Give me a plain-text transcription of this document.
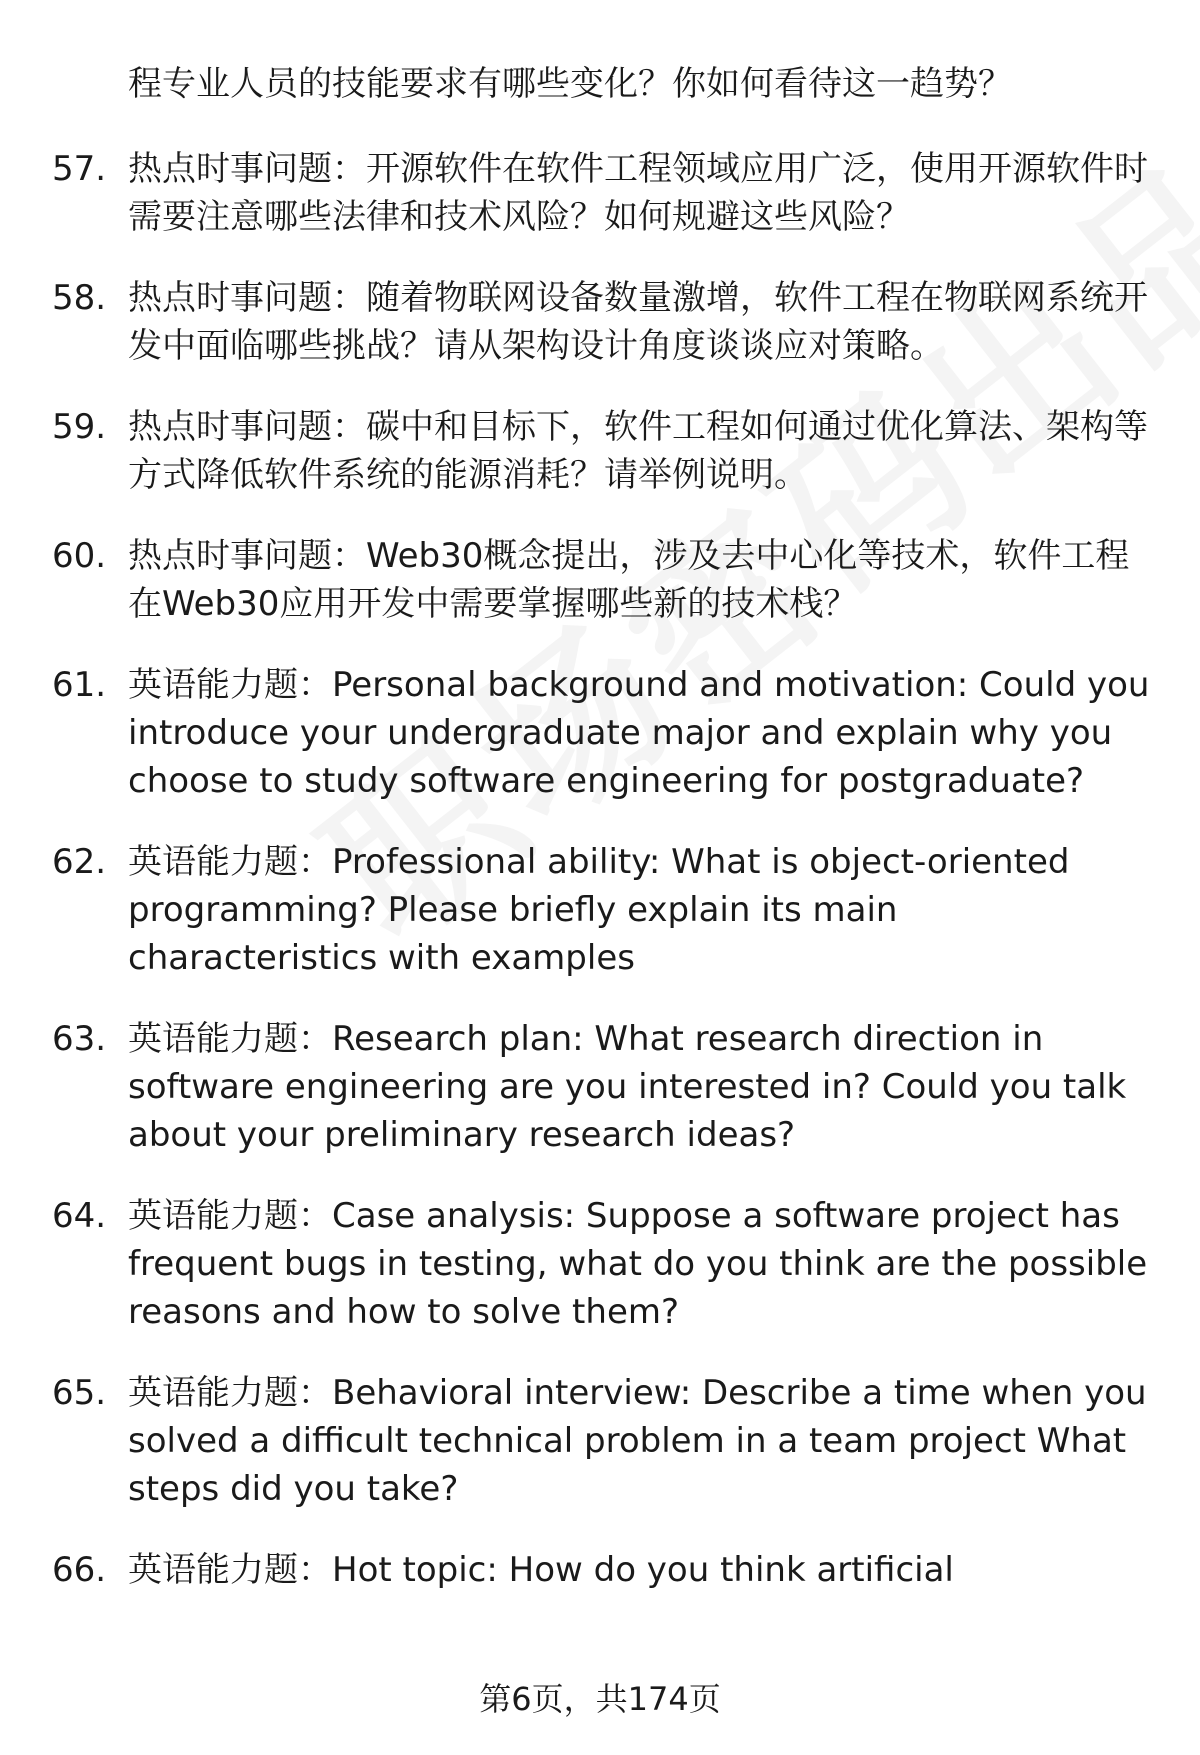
程专业人员的技能要求有哪些变化？你如何看待这一趋势？
57. 热点时事问题：开源软件在软件工程领域应用广泛，使用开源软件时需要注意哪些法律和技术风险？如何规避这些风险？
58. 热点时事问题：随着物联网设备数量激增，软件工程在物联网系统开发中面临哪些挑战？请从架构设计角度谈谈应对策略。
59. 热点时事问题：碳中和目标下，软件工程如何通过优化算法、架构等方式降低软件系统的能源消耗？请举例说明。
60. 热点时事问题：Web30概念提出，涉及去中心化等技术，软件工程在Web30应用开发中需要掌握哪些新的技术栈？
61. 英语能力题：Personal background and motivation: Could you introduce your undergraduate major and explain why you choose to study software engineering for postgraduate?
62. 英语能力题：Professional ability: What is object-oriented programming? Please briefly explain its main characteristics with examples
63. 英语能力题：Research plan: What research direction in software engineering are you interested in? Could you talk about your preliminary research ideas?
64. 英语能力题：Case analysis: Suppose a software project has frequent bugs in testing, what do you think are the possible reasons and how to solve them?
65. 英语能力题：Behavioral interview: Describe a time when you solved a difficult technical problem in a team project What steps did you take?
66. 英语能力题：Hot topic: How do you think artificial
第6页，共174页
